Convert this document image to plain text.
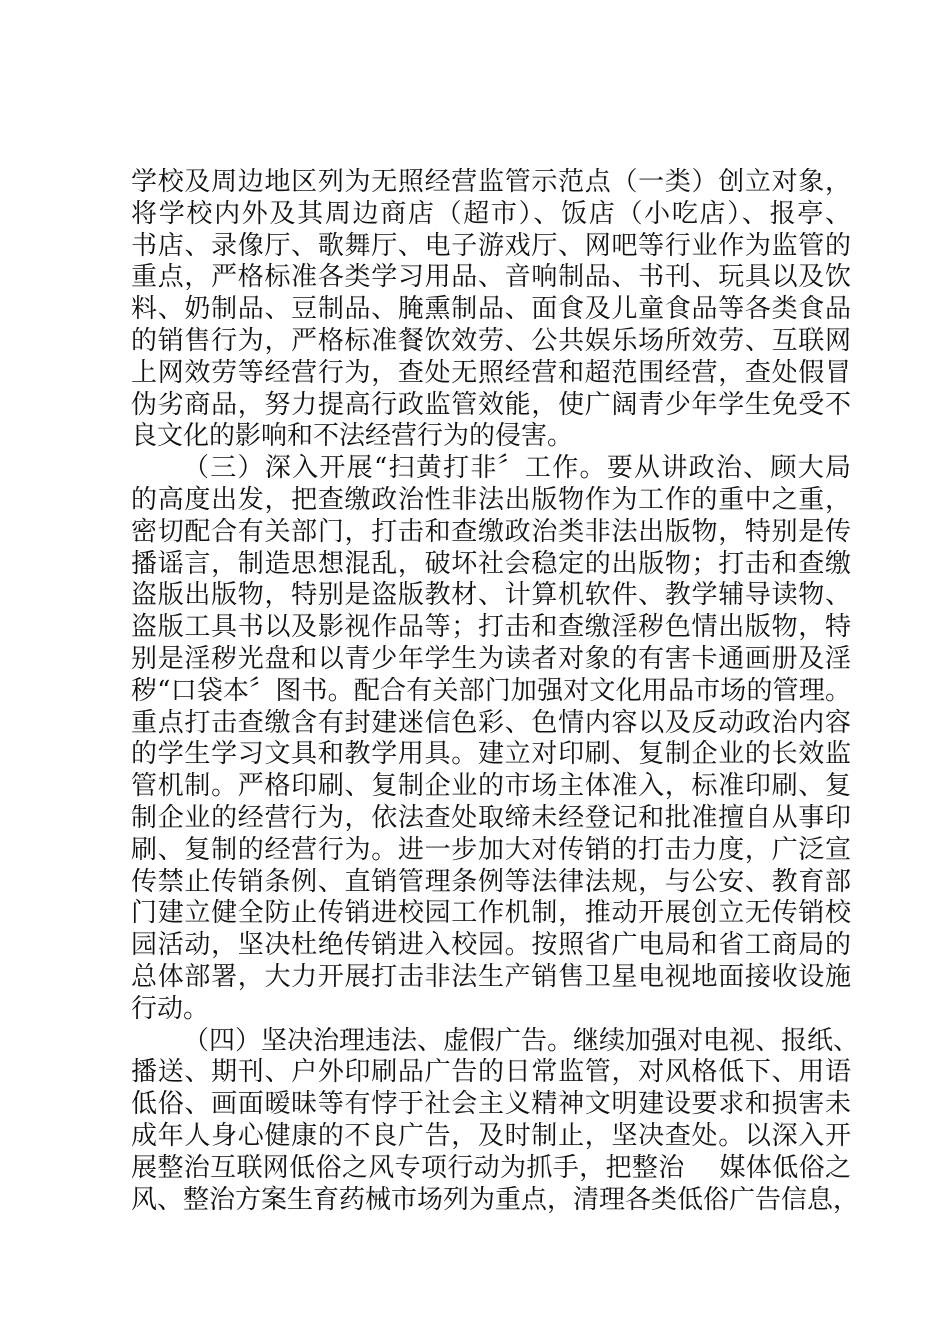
学校及周边地区列为无照经营监管示范点（一类）创立对象，
将学校内外及其周边商店（超市）、饭店（小吃店）、报亭、
书店、录像厅、歌舞厅、电子游戏厅、网吧等行业作为监管的
重点，严格标准各类学习用品、音响制品、书刊、玩具以及饮
料、奶制品、豆制品、腌熏制品、面食及儿童食品等各类食品
的销售行为，严格标准餐饮效劳、公共娱乐场所效劳、互联网
上网效劳等经营行为，查处无照经营和超范围经营，查处假冒
伪劣商品，努力提高行政监管效能，使广阔青少年学生免受不
良文化的影响和不法经营行为的侵害。
（三）深入开展“扫黄打非〞工作。要从讲政治、顾大局
的高度出发，把查缴政治性非法出版物作为工作的重中之重，
密切配合有关部门，打击和查缴政治类非法出版物，特别是传
播谣言，制造思想混乱，破坏社会稳定的出版物；打击和查缴
盗版出版物，特别是盗版教材、计算机软件、教学辅导读物、
盗版工具书以及影视作品等；打击和查缴淫秽色情出版物，特
别是淫秽光盘和以青少年学生为读者对象的有害卡通画册及淫
秽“口袋本〞图书。配合有关部门加强对文化用品市场的管理。
重点打击查缴含有封建迷信色彩、色情内容以及反动政治内容
的学生学习文具和教学用具。建立对印刷、复制企业的长效监
管机制。严格印刷、复制企业的市场主体准入，标准印刷、复
制企业的经营行为，依法查处取缔未经登记和批准擅自从事印
刷、复制的经营行为。进一步加大对传销的打击力度，广泛宣
传禁止传销条例、直销管理条例等法律法规，与公安、教育部
门建立健全防止传销进校园工作机制，推动开展创立无传销校
园活动，坚决杜绝传销进入校园。按照省广电局和省工商局的
总体部署，大力开展打击非法生产销售卫星电视地面接收设施
行动。
（四）坚决治理违法、虚假广告。继续加强对电视、报纸、
播送、期刊、户外印刷品广告的日常监管，对风格低下、用语
低俗、画面暧昧等有悖于社会主义精神文明建设要求和损害未
成年人身心健康的不良广告，及时制止，坚决查处。以深入开
展整治互联网低俗之风专项行动为抓手，把整治　 媒体低俗之
风、整治方案生育药械市场列为重点，清理各类低俗广告信息，
